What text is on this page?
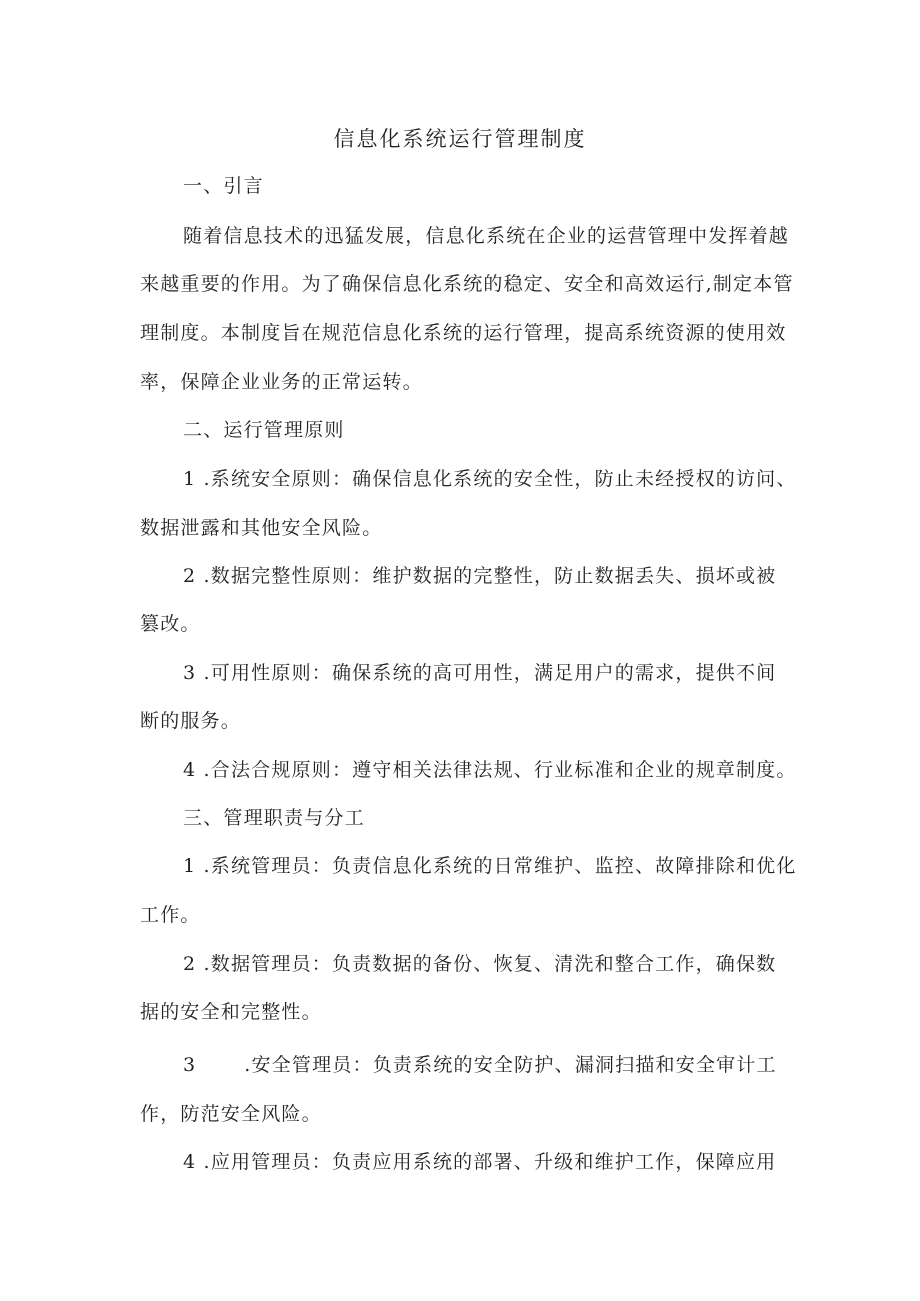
信息化系统运行管理制度
一、引言
随着信息技术的迅猛发展，信息化系统在企业的运营管理中发挥着越
来越重要的作用。为了确保信息化系统的稳定、安全和高效运行,制定本管
理制度。本制度旨在规范信息化系统的运行管理，提高系统资源的使用效
率，保障企业业务的正常运转。
二、运行管理原则
1 .系统安全原则：确保信息化系统的安全性，防止未经授权的访问、
数据泄露和其他安全风险。
2 .数据完整性原则：维护数据的完整性，防止数据丢失、损坏或被
篡改。
3 .可用性原则：确保系统的高可用性，满足用户的需求，提供不间
断的服务。
4 .合法合规原则：遵守相关法律法规、行业标准和企业的规章制度。
三、管理职责与分工
1 .系统管理员：负责信息化系统的日常维护、监控、故障排除和优化
工作。
2 .数据管理员：负责数据的备份、恢复、清洗和整合工作，确保数
据的安全和完整性。
3	.安全管理员：负责系统的安全防护、漏洞扫描和安全审计工
作，防范安全风险。
4 .应用管理员：负责应用系统的部署、升级和维护工作，保障应用
